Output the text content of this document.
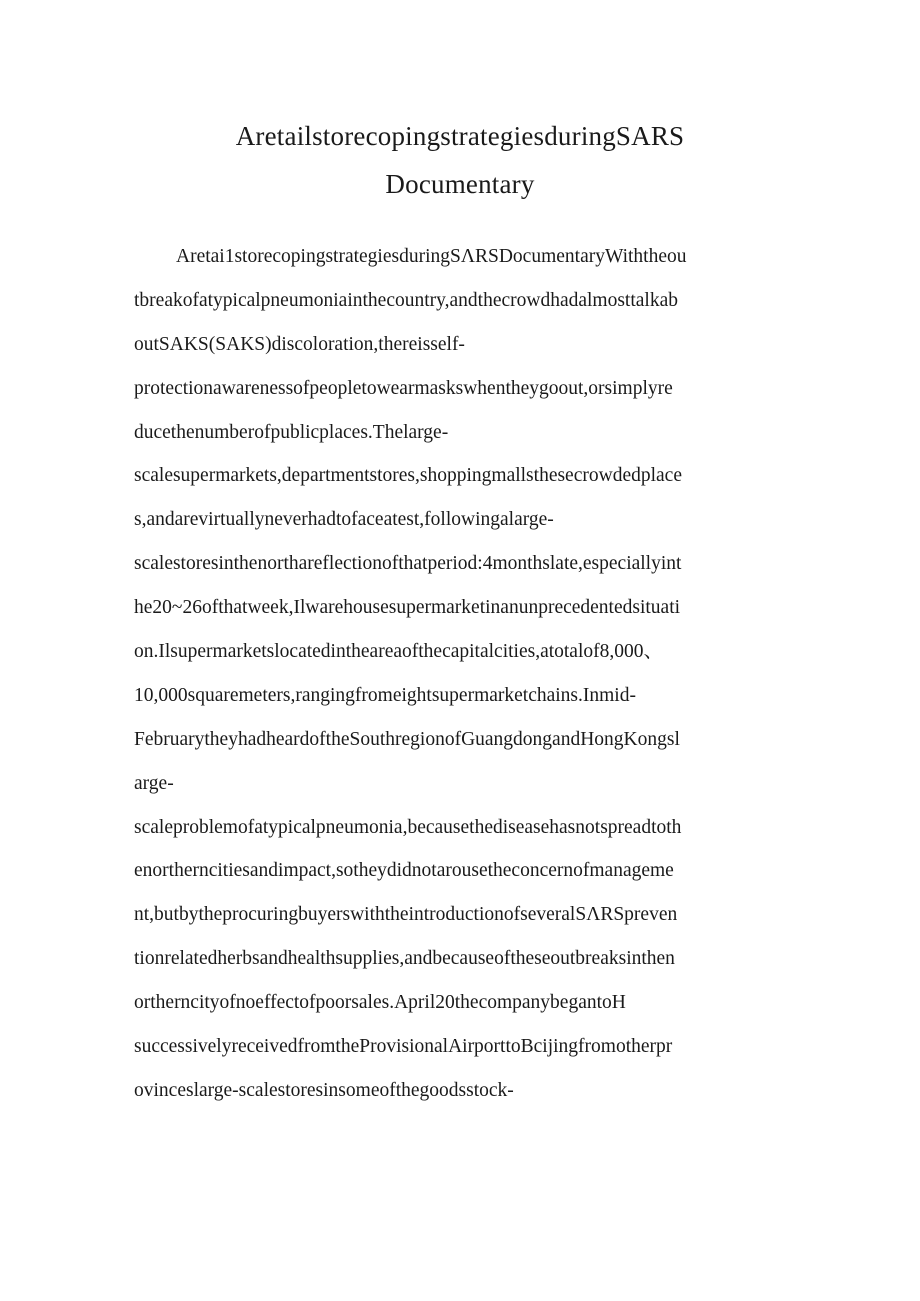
AretailstorecopingstrategiesduringSARS
Documentary
Aretai1storecopingstrategiesduringSΛRSDocumentaryWiththeou
tbreakofatypicalpneumoniainthecountry,andthecrowdhadalmosttalkab
outSAKS(SAKS)discoloration,thereisself-
protectionawarenessofpeopletowearmaskswhentheygoout,orsimplyre
ducethenumberofpublicplaces.Thelarge-
scalesupermarkets,departmentstores,shoppingmallsthesecrowdedplace
s,andarevirtuallyneverhadtofaceatest,followingalarge-
scalestoresinthenorthareflectionofthatperiod:4monthslate,especiallyint
he20~26ofthatweek,Ilwarehousesupermarketinanunprecedentedsituati
on.Ilsupermarketslocatedintheareaofthecapitalcities,atotalof8,000、
10,000squaremeters,rangingfromeightsupermarketchains.Inmid-
FebruarytheyhadheardoftheSouthregionofGuangdongandHongKongsl
arge-
scaleproblemofatypicalpneumonia,becausethediseasehasnotspreadtoth
enortherncitiesandimpact,sotheydidnotarousetheconcernofmanageme
nt,butbytheprocuringbuyerswiththeintroductionofseveralSΛRSpreven
tionrelatedherbsandhealthsupplies,andbecauseoftheseoutbreaksinthen
ortherncityofnoeffectofpoorsales.April20thecompanybegantoH
successivelyreceivedfromtheProvisionalAirporttoBcijingfromotherpr
ovinceslarge-scalestoresinsomeofthegoodsstock-
